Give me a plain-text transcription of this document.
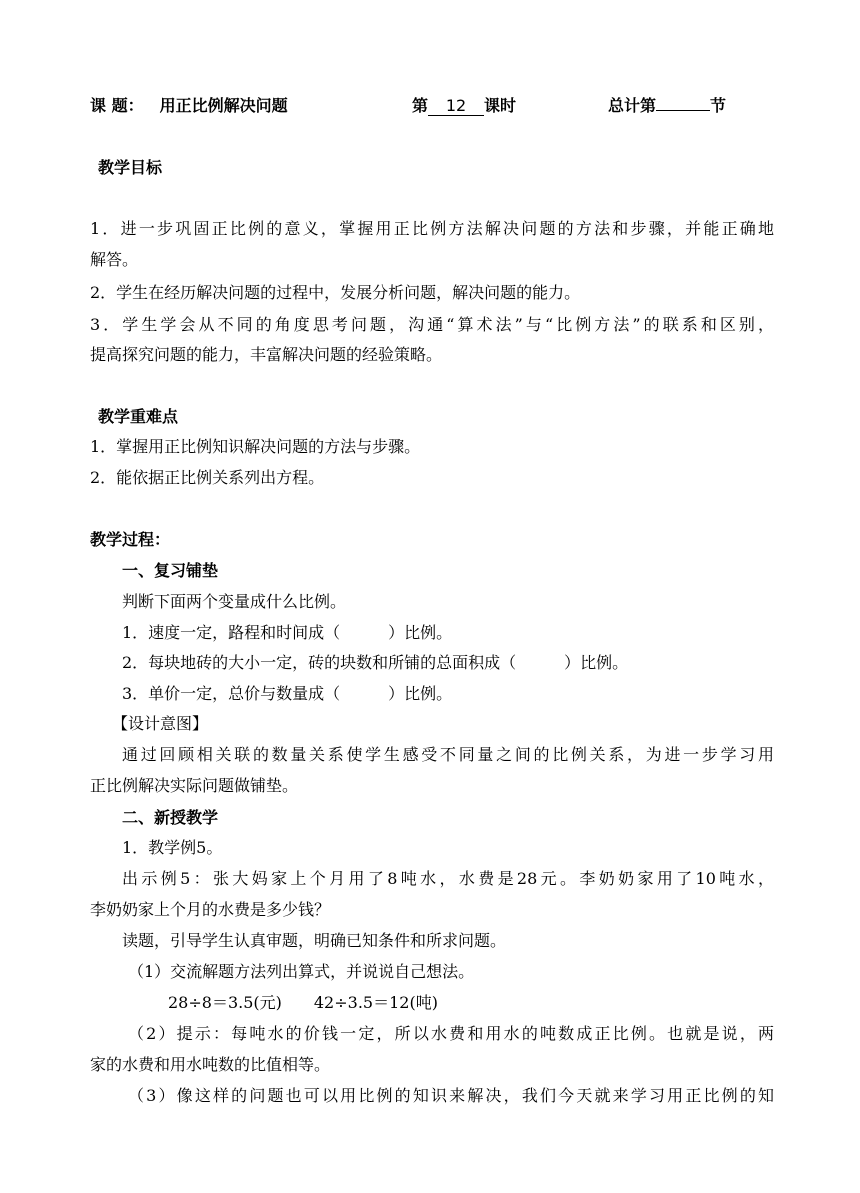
课 题： 用正比例解决问题	第 12 课时	总计第	节
教学目标
1．进一步巩固正比例的意义，掌握用正比例方法解决问题的方法和步骤，并能正确地
解答。
2．学生在经历解决问题的过程中，发展分析问题，解决问题的能力。
3．学生学会从不同的角度思考问题，沟通“算术法”与“比例方法”的联系和区别，
提高探究问题的能力，丰富解决问题的经验策略。
教学重难点
1．掌握用正比例知识解决问题的方法与步骤。
2．能依据正比例关系列出方程。
教学过程：
一、复习铺垫
判断下面两个变量成什么比例。
1．速度一定，路程和时间成（　　　）比例。
2．每块地砖的大小一定，砖的块数和所铺的总面积成（　　　）比例。
3．单价一定，总价与数量成（　　　）比例。
【设计意图】
通过回顾相关联的数量关系使学生感受不同量之间的比例关系，为进一步学习用
正比例解决实际问题做铺垫。
二、新授教学
1．教学例5。
出示例5：张大妈家上个月用了8吨水，水费是28元。李奶奶家用了10吨水，
李奶奶家上个月的水费是多少钱？
读题，引导学生认真审题，明确已知条件和所求问题。
（1）交流解题方法列出算式，并说说自己想法。
28÷8＝3.5(元)　　42÷3.5＝12(吨)
（2）提示：每吨水的价钱一定，所以水费和用水的吨数成正比例。也就是说，两
家的水费和用水吨数的比值相等。
（3）像这样的问题也可以用比例的知识来解决，我们今天就来学习用正比例的知
